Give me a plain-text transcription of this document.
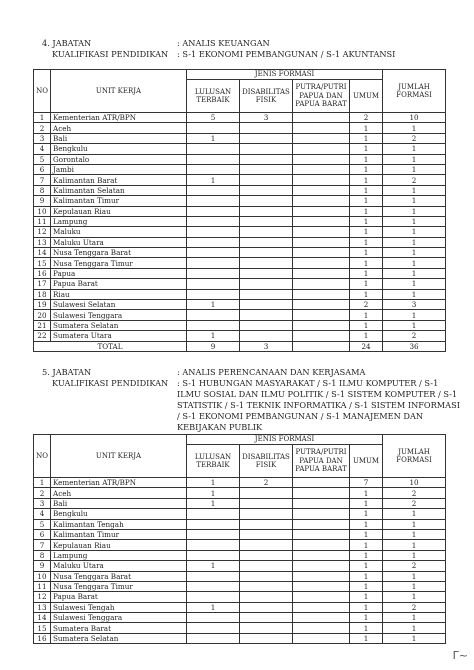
4. JABATAN	: ANALIS KEUANGAN
KUALIFIKASI PENDIDIKAN	: S-1 EKONOMI PEMBANGUNAN / S-1 AKUNTANSI
NO	UNIT KERJA	JENIS FORMASI				JUMLAH FORMASI
		LULUSAN TERBAIK	DISABILITAS FISIK	PUTRA/PUTRI PAPUA DAN PAPUA BARAT	UMUM	
1	Kementerian ATR/BPN	5	3		2	10
2	Aceh				1	1
3	Bali	1			1	2
4	Bengkulu				1	1
5	Gorontalo				1	1
6	Jambi				1	1
7	Kalimantan Barat	1			1	2
8	Kalimantan Selatan				1	1
9	Kalimantan Timur				1	1
10	Kepulauan Riau				1	1
11	Lampung				1	1
12	Maluku				1	1
13	Maluku Utara				1	1
14	Nusa Tenggara Barat				1	1
15	Nusa Tenggara Timur				1	1
16	Papua				1	1
17	Papua Barat				1	1
18	Riau				1	1
19	Sulawesi Selatan	1			2	3
20	Sulawesi Tenggara				1	1
21	Sumatera Selatan				1	1
22	Sumatera Utara	1			1	2
TOTAL		9	3		24	36
5. JABATAN	: ANALIS PERENCANAAN DAN KERJASAMA
KUALIFIKASI PENDIDIKAN	: S-1 HUBUNGAN MASYARAKAT / S-1 ILMU KOMPUTER / S-1 ILMU SOSIAL DAN ILMU POLITIK / S-1 SISTEM KOMPUTER / S-1 STATISTIK / S-1 TEKNIK INFORMATIKA / S-1 SISTEM INFORMASI / S-1 EKONOMI PEMBANGUNAN / S-1 MANAJEMEN DAN KEBIJAKAN PUBLIK
NO	UNIT KERJA	JENIS FORMASI				JUMLAH FORMASI
		LULUSAN TERBAIK	DISABILITAS FISIK	PUTRA/PUTRI PAPUA DAN PAPUA BARAT	UMUM	
1	Kementerian ATR/BPN	1	2		7	10
2	Aceh	1			1	2
3	Bali	1			1	2
4	Bengkulu				1	1
5	Kalimantan Tengah				1	1
6	Kalimantan Timur				1	1
7	Kepulauan Riau				1	1
8	Lampung				1	1
9	Maluku Utara	1			1	2
10	Nusa Tenggara Barat				1	1
11	Nusa Tenggara Timur				1	1
12	Papua Barat				1	1
13	Sulawesi Tengah	1			1	2
14	Sulawesi Tenggara				1	1
15	Sumatera Barat				1	1
16	Sumatera Selatan				1	1
ᒥ~
